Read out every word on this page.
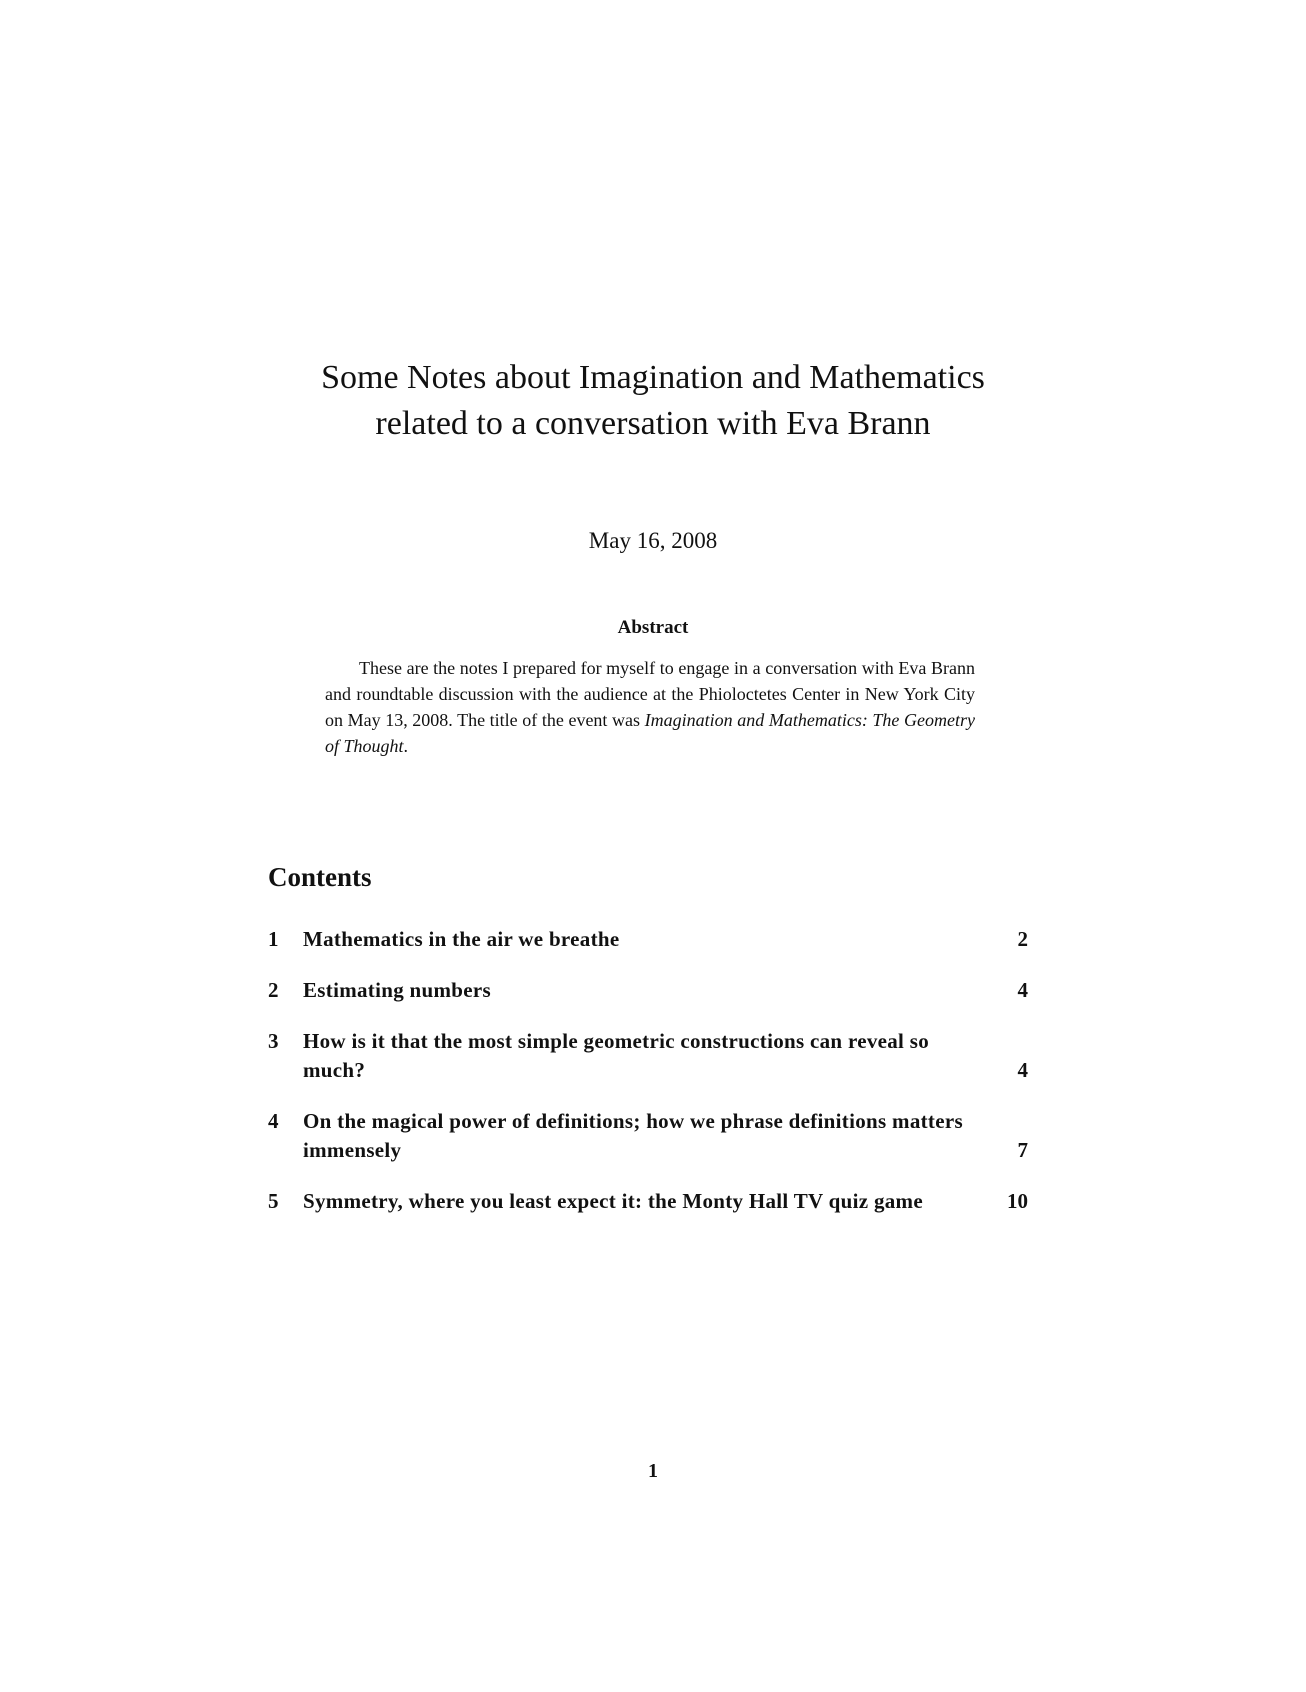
Some Notes about Imagination and Mathematics

related to a conversation with Eva Brann

May 16, 2008
Abstract
These are the notes I prepared for myself to engage in a conversation with Eva Brann and roundtable discussion with the audience at the Phioloctetes Center in New York City on May 13, 2008. The title of the event was Imagination and Mathematics: The Geometry of Thought.
Contents
1	Mathematics in the air we breathe	2
2	Estimating numbers	4
3	How is it that the most simple geometric constructions can reveal so much?	4
4	On the magical power of definitions; how we phrase definitions matters immensely	7
5	Symmetry, where you least expect it: the Monty Hall TV quiz game	10
1
